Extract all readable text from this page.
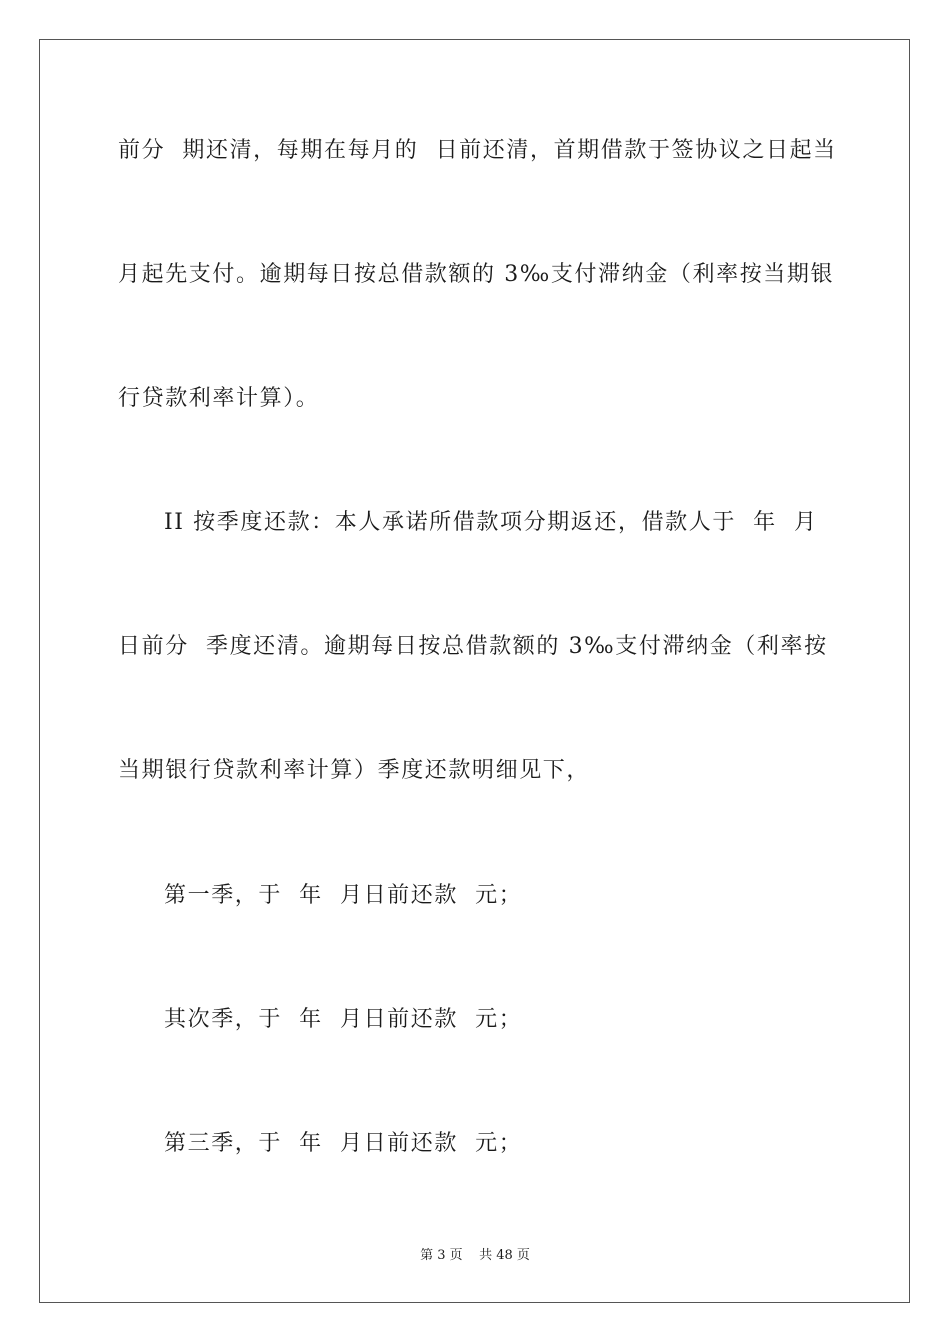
前分  期还清，每期在每月的  日前还清，首期借款于签协议之日起当
月起先支付。逾期每日按总借款额的 3‰支付滞纳金（利率按当期银
行贷款利率计算）。
II 按季度还款：本人承诺所借款项分期返还，借款人于  年  月
日前分  季度还清。逾期每日按总借款额的 3‰支付滞纳金（利率按
当期银行贷款利率计算）季度还款明细见下，
第一季，于  年  月日前还款  元；
其次季，于  年  月日前还款  元；
第三季，于  年  月日前还款  元；
第 3 页    共 48 页
